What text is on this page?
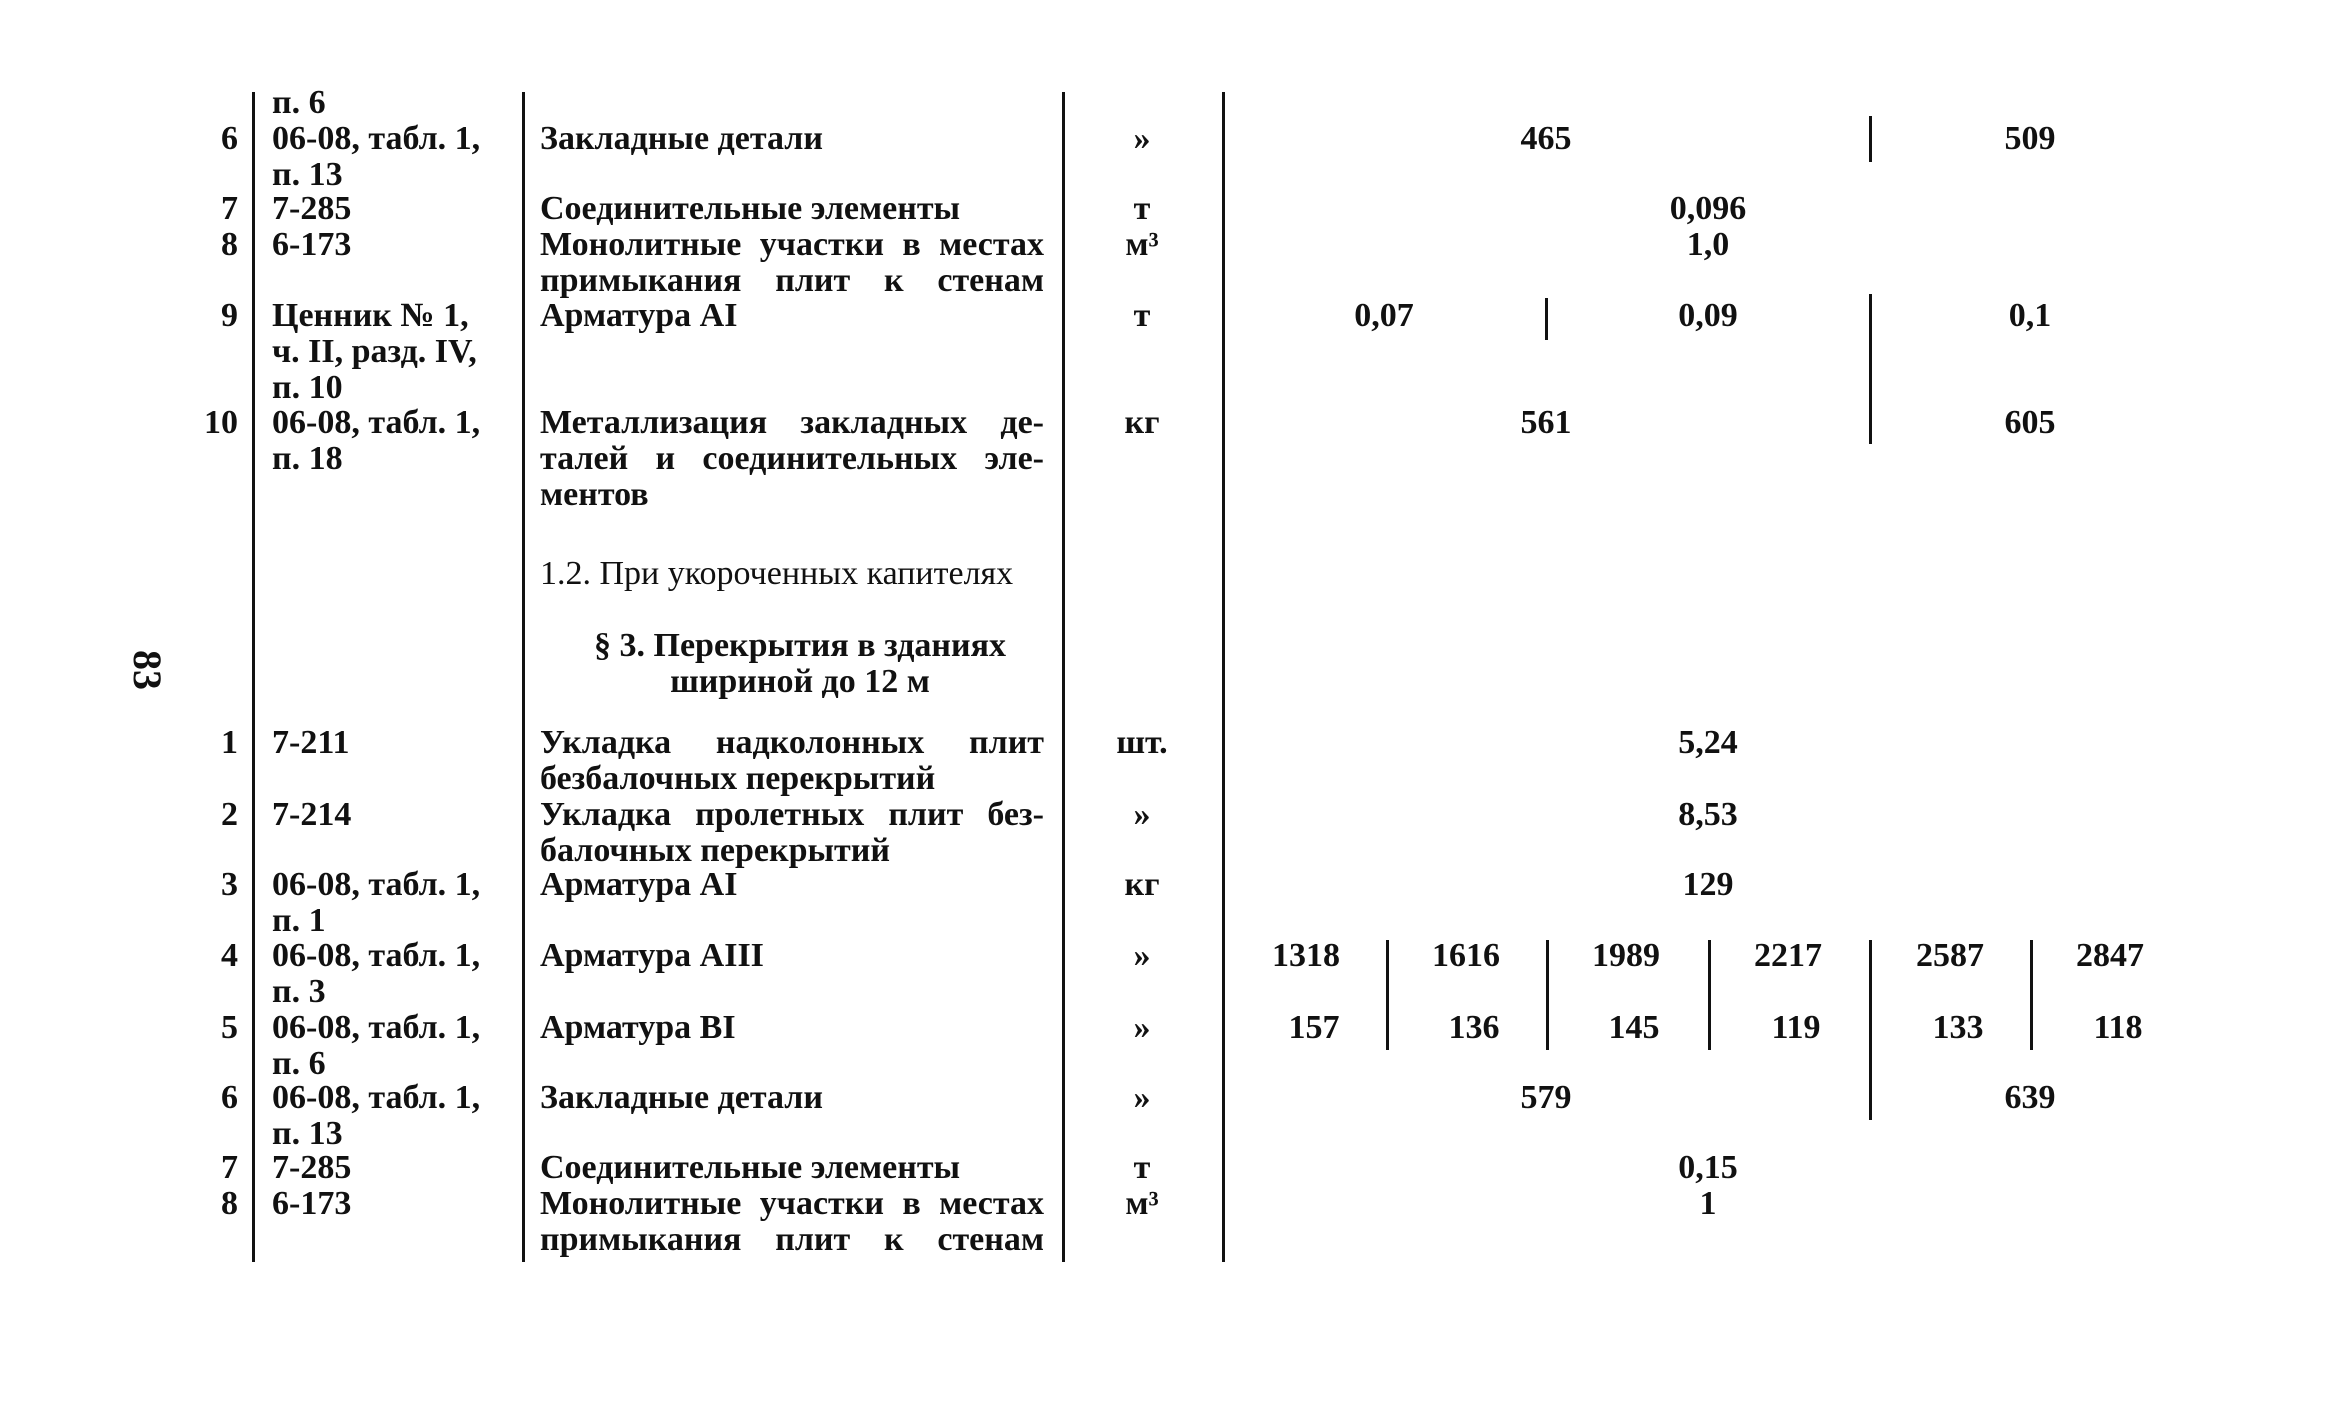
83
п. 6
6 06-08, табл. 1,
п. 13
Закладные детали	»	465	509
7 7-285	Соединительные элементы	т	0,096
8 6-173	Монолитные участки в местах
примыкания плит к стенам
м³	1,0
9 Ценник № 1,
ч. II, разд. IV,
п. 10
Арматура AI	т	0,07	0,09	0,1
10 06-08, табл. 1,
п. 18
Металлизация закладных де-
талей и соединительных эле-
ментов
кг	561	605
1.2. При укороченных капителях
§ 3. Перекрытия в зданиях
шириной до 12 м
1 7-211	Укладка надколонных плит
безбалочных перекрытий
шт.	5,24
2 7-214	Укладка пролетных плит без-
балочных перекрытий
»	8,53
3 06-08, табл. 1,
п. 1
Арматура AI	кг	129
4 06-08, табл. 1,
п. 3
Арматура AIII	»	1318	1616	1989	2217	2587	2847
5 06-08, табл. 1,
п. 6
Арматура BI	»	157	136	145	119	133	118
6 06-08, табл. 1,
п. 13
Закладные детали	»	579	639
7 7-285	Соединительные элементы	т	0,15
8 6-173	Монолитные участки в местах
примыкания плит к стенам
м³	1
